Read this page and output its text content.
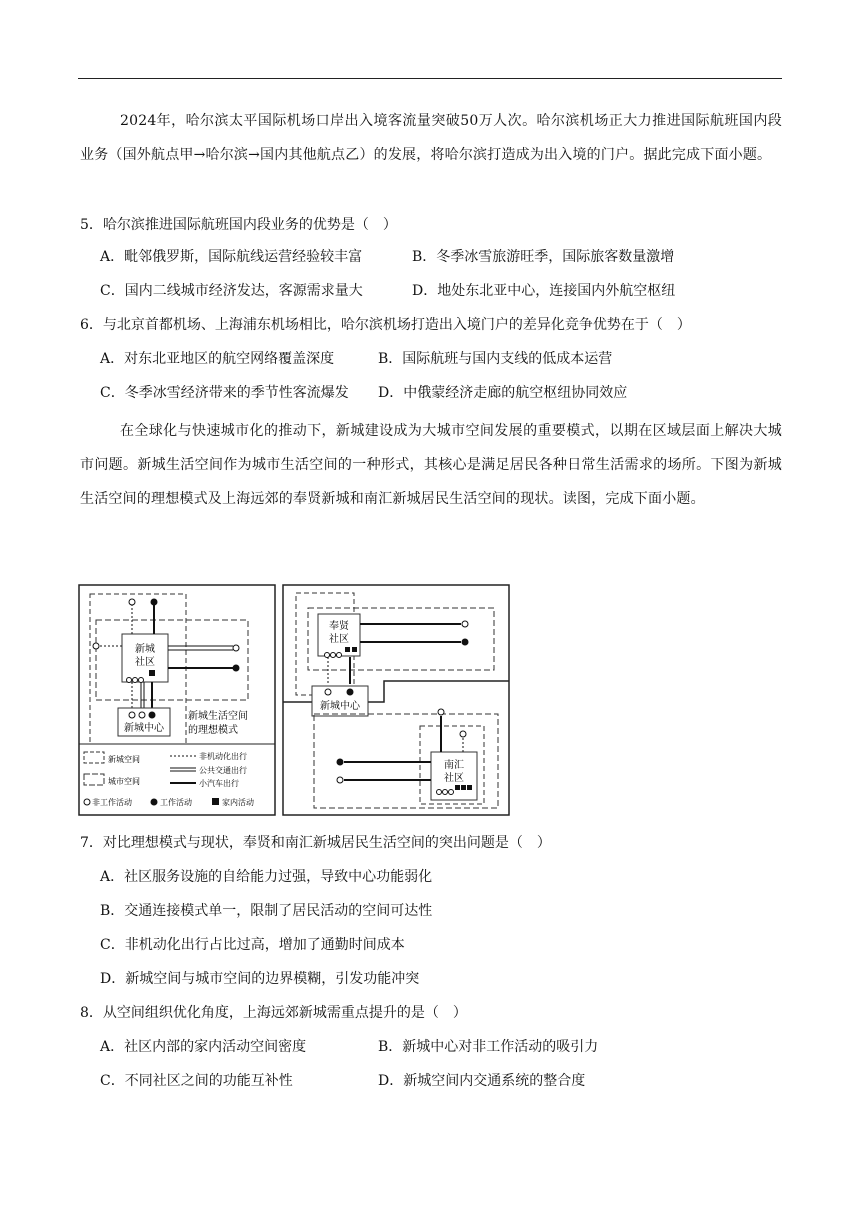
2024年，哈尔滨太平国际机场口岸出入境客流量突破50万人次。哈尔滨机场正大力推进国际航班国内段业务（国外航点甲→哈尔滨→国内其他航点乙）的发展，将哈尔滨打造成为出入境的门户。据此完成下面小题。
5．哈尔滨推进国际航班国内段业务的优势是（　）
A．毗邻俄罗斯，国际航线运营经验较丰富	B．冬季冰雪旅游旺季，国际旅客数量激增
C．国内二线城市经济发达，客源需求量大	D．地处东北亚中心，连接国内外航空枢纽
6．与北京首都机场、上海浦东机场相比，哈尔滨机场打造出入境门户的差异化竞争优势在于（　）
A．对东北亚地区的航空网络覆盖深度	B．国际航班与国内支线的低成本运营
C．冬季冰雪经济带来的季节性客流爆发 D．中俄蒙经济走廊的航空枢纽协同效应
在全球化与快速城市化的推动下，新城建设成为大城市空间发展的重要模式，以期在区域层面上解决大城市问题。新城生活空间作为城市生活空间的一种形式，其核心是满足居民各种日常生活需求的场所。下图为新城生活空间的理想模式及上海远郊的奉贤新城和南汇新城居民生活空间的现状。读图，完成下面小题。
新城
社区
新城中心
新城生活空间
的理想模式
新城空间
城市空间
非机动化出行
公共交通出行
小汽车出行
非工作活动	工作活动	家内活动
奉贤
社区
新城中心
南汇
社区
7．对比理想模式与现状，奉贤和南汇新城居民生活空间的突出问题是（　）
A．社区服务设施的自给能力过强，导致中心功能弱化
B．交通连接模式单一，限制了居民活动的空间可达性
C．非机动化出行占比过高，增加了通勤时间成本
D．新城空间与城市空间的边界模糊，引发功能冲突
8．从空间组织优化角度，上海远郊新城需重点提升的是（　）
A．社区内部的家内活动空间密度	B．新城中心对非工作活动的吸引力
C．不同社区之间的功能互补性	D．新城空间内交通系统的整合度
